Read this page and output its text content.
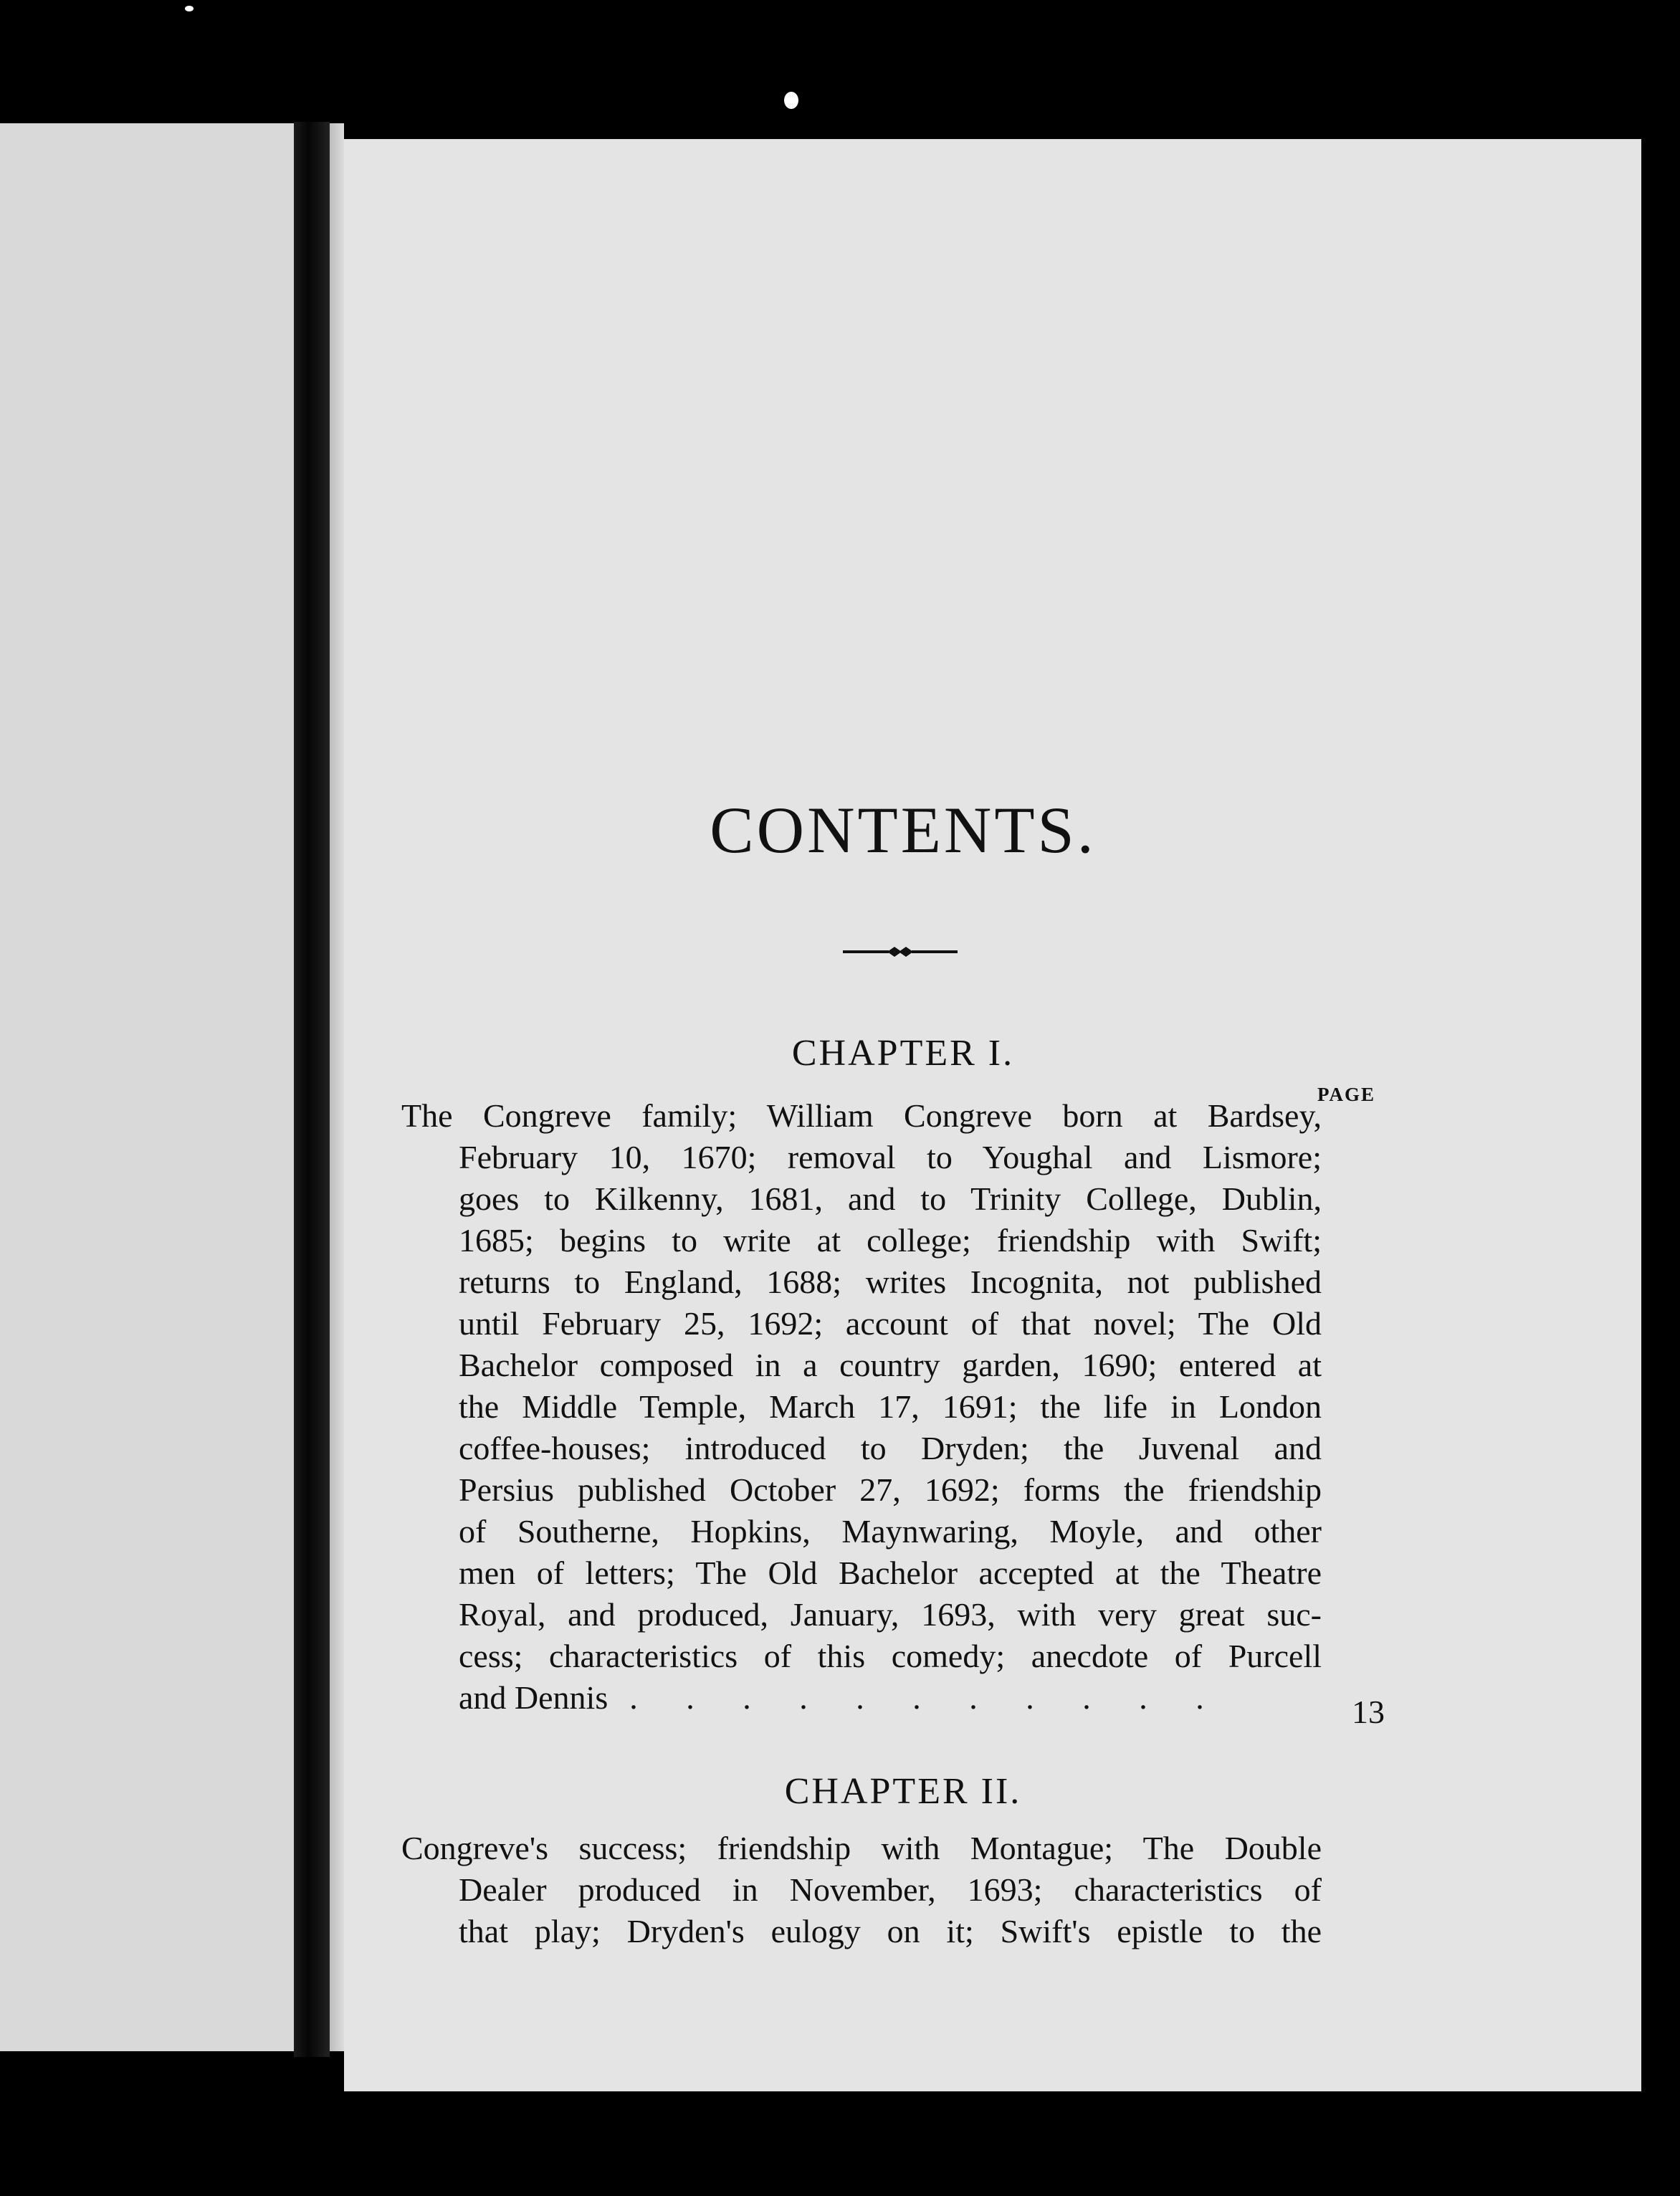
CONTENTS.
CHAPTER I.
PAGE
The Congreve family; William Congreve born at Bardsey,
February 10, 1670; removal to Youghal and Lismore;
goes to Kilkenny, 1681, and to Trinity College, Dublin,
1685; begins to write at college; friendship with Swift;
returns to England, 1688; writes Incognita, not published
until February 25, 1692; account of that novel; The Old
Bachelor composed in a country garden, 1690; entered at
the Middle Temple, March 17, 1691; the life in London
coffee-houses; introduced to Dryden; the Juvenal and
Persius published October 27, 1692; forms the friendship
of Southerne, Hopkins, Maynwaring, Moyle, and other
men of letters; The Old Bachelor accepted at the Theatre
Royal, and produced, January, 1693, with very great suc-
cess; characteristics of this comedy; anecdote of Purcell
and Dennis . . . . . . . . . . .	13
CHAPTER II.
Congreve's success; friendship with Montague; The Double
Dealer produced in November, 1693; characteristics of
that play; Dryden's eulogy on it; Swift's epistle to the
